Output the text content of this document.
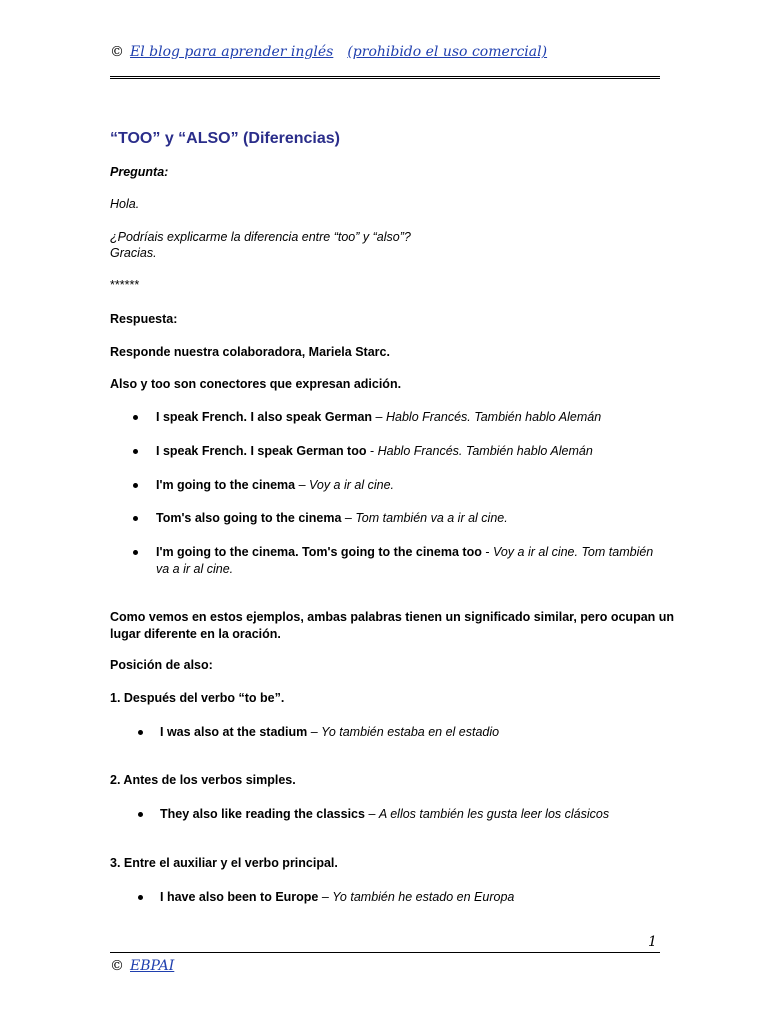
© El blog para aprender inglés (prohibido el uso comercial)
“TOO” y “ALSO” (Diferencias)
Pregunta:
Hola.
¿Podríais explicarme la diferencia entre “too” y “also”?
Gracias.
******
Respuesta:
Responde nuestra colaboradora, Mariela Starc.
Also y too son conectores que expresan adición.
I speak French. I also speak German – Hablo Francés. También hablo Alemán
I speak French. I speak German too - Hablo Francés. También hablo Alemán
I'm going to the cinema – Voy a ir al cine.
Tom's also going to the cinema – Tom también va a ir al cine.
I'm going to the cinema. Tom's going to the cinema too - Voy a ir al cine. Tom también va a ir al cine.
Como vemos en estos ejemplos, ambas palabras tienen un significado similar, pero ocupan un
lugar diferente en la oración.
Posición de also:
1. Después del verbo “to be”.
I was also at the stadium – Yo también estaba en el estadio
2. Antes de los verbos simples.
They also like reading the classics – A ellos también les gusta leer los clásicos
3. Entre el auxiliar y el verbo principal.
I have also been to Europe – Yo también he estado en Europa
1
© EBPAI
